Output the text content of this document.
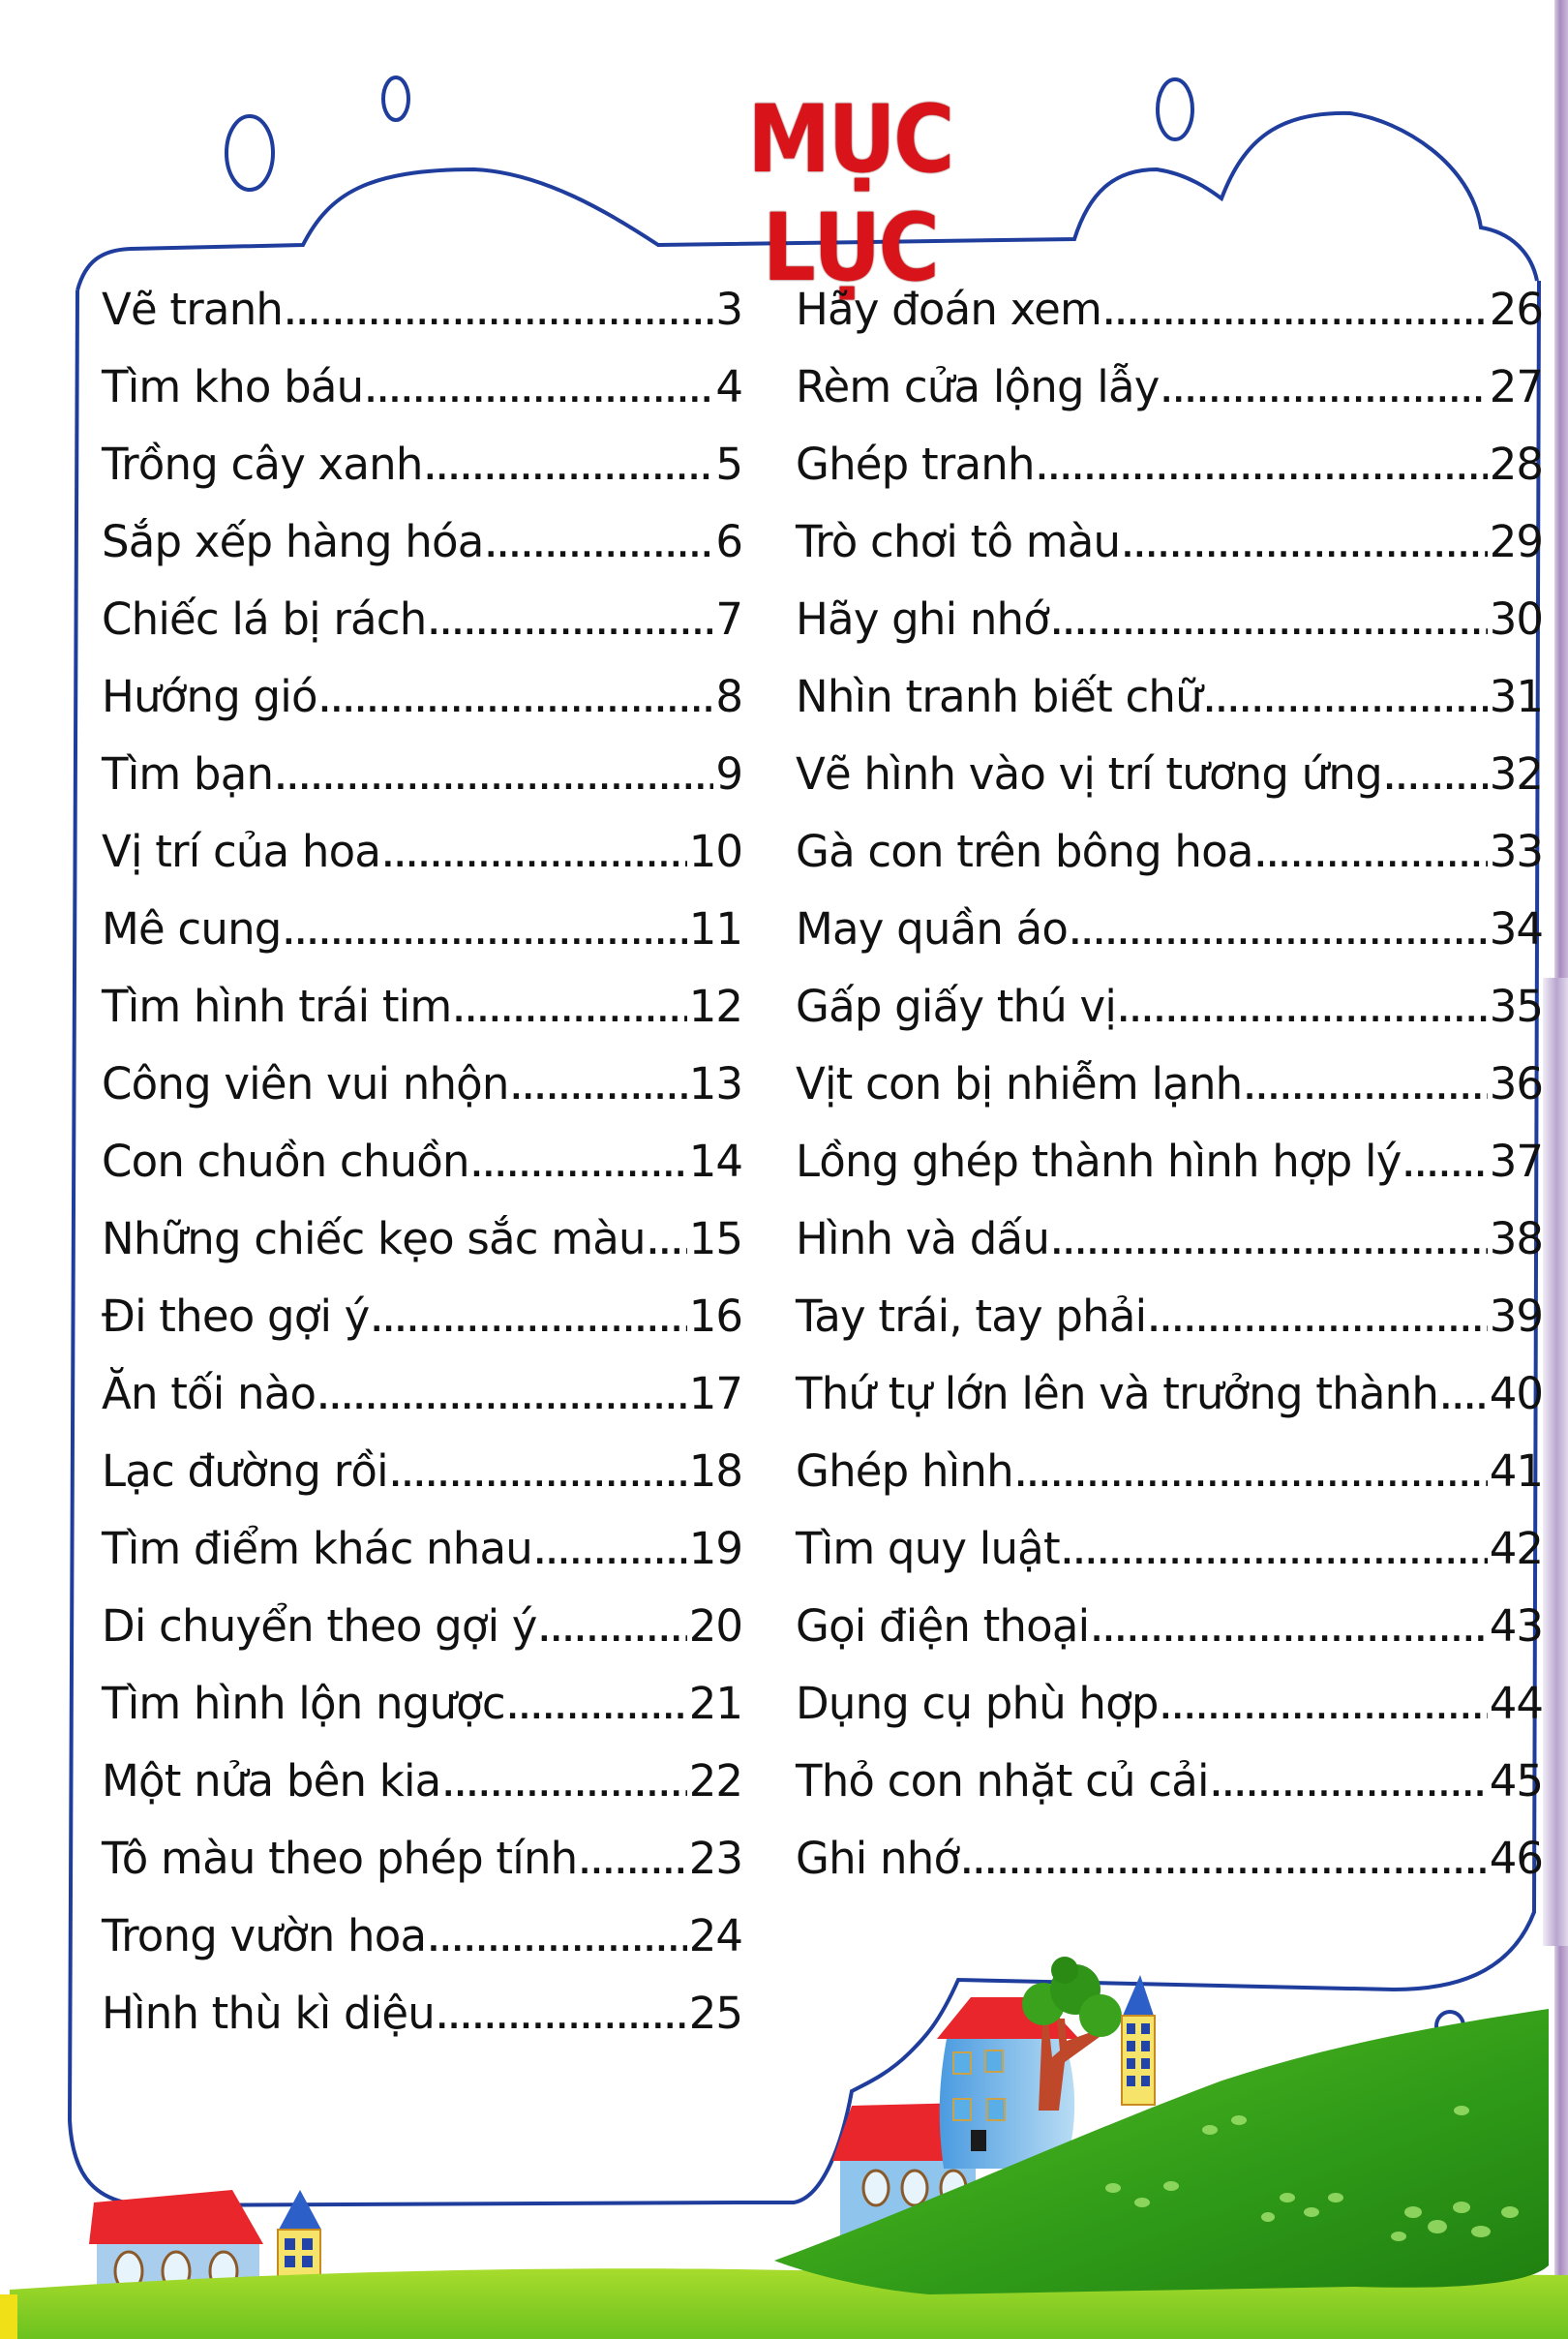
MỤC LỤC
Vẽ tranh .....	3
Tìm kho báu .....	4
Trồng cây xanh .....	5
Sắp xếp hàng hóa .....	6
Chiếc lá bị rách .....	7
Hướng gió .....	8
Tìm bạn .....	9
Vị trí của hoa .....	10
Mê cung .....	11
Tìm hình trái tim .....	12
Công viên vui nhộn .....	13
Con chuồn chuồn .....	14
Những chiếc kẹo sắc màu ..... 15
Đi theo gợi ý .....	16
Ăn tối nào .....	17
Lạc đường rồi .....	18
Tìm điểm khác nhau .....	19
Di chuyển theo gợi ý .....	20
Tìm hình lộn ngược .....	21
Một nửa bên kia .....	22
Tô màu theo phép tính .....	23
Trong vườn hoa .....	24
Hình thù kì diệu .....	25
Hãy đoán xem .....	26
Rèm cửa lộng lẫy .....	27
Ghép tranh .....	28
Trò chơi tô màu .....	29
Hãy ghi nhớ .....	30
Nhìn tranh biết chữ .....	31
Vẽ hình vào vị trí tương ứng ..... 32
Gà con trên bông hoa .....	33
May quần áo .....	34
Gấp giấy thú vị .....	35
Vịt con bị nhiễm lạnh .....	36
Lồng ghép thành hình hợp lý ..... 37
Hình và dấu .....	38
Tay trái, tay phải .....	39
Thứ tự lớn lên và trưởng thành ..... 40
Ghép hình .....	41
Tìm quy luật .....	42
Gọi điện thoại .....	43
Dụng cụ phù hợp .....	44
Thỏ con nhặt củ cải .....	45
Ghi nhớ .....	46
